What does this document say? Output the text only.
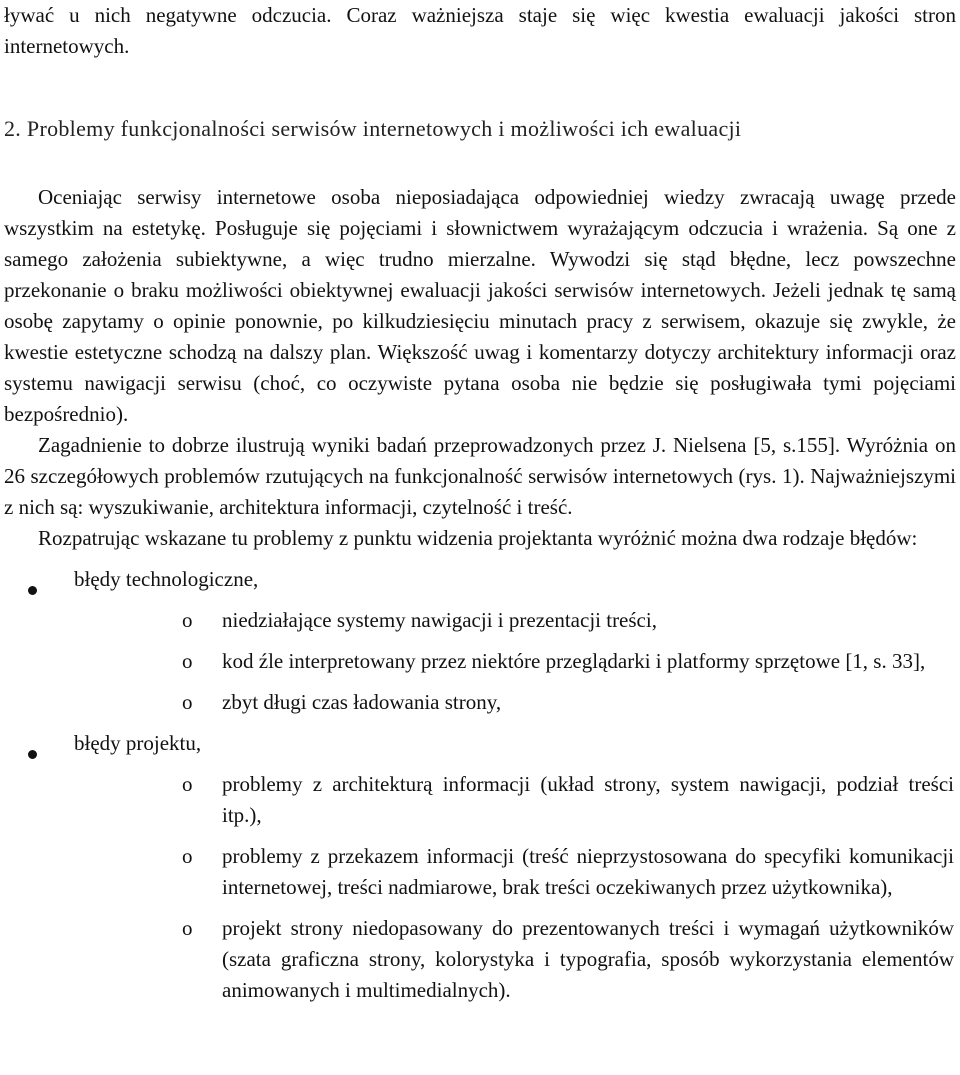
ływać u nich negatywne odczucia. Coraz ważniejsza staje się więc kwestia ewaluacji jakości stron internetowych.

2. Problemy funkcjonalności serwisów internetowych i możliwości ich ewaluacji

Oceniając serwisy internetowe osoba nieposiadająca odpowiedniej wiedzy zwracają uwagę przede wszystkim na estetykę. Posługuje się pojęciami i słownictwem wyrażającym odczucia i wrażenia. Są one z samego założenia subiektywne, a więc trudno mierzalne. Wywodzi się stąd błędne, lecz powszechne przekonanie o braku możliwości obiektywnej ewaluacji jakości serwisów internetowych. Jeżeli jednak tę samą osobę zapytamy o opinie ponownie, po kilkudziesięciu minutach pracy z serwisem, okazuje się zwykle, że kwestie estetyczne schodzą na dalszy plan. Większość uwag i komentarzy dotyczy architektury informacji oraz systemu nawigacji serwisu (choć, co oczywiste pytana osoba nie będzie się posługiwała tymi pojęciami bezpośrednio).

Zagadnienie to dobrze ilustrują wyniki badań przeprowadzonych przez J. Nielsena [5, s.155]. Wyróżnia on 26 szczegółowych problemów rzutujących na funkcjonalność serwisów internetowych (rys. 1). Najważniejszymi z nich są: wyszukiwanie, architektura informacji, czytelność i treść.

Rozpatrując wskazane tu problemy z punktu widzenia projektanta wyróżnić można dwa rodzaje błędów:

błędy technologiczne,
o niedziałające systemy nawigacji i prezentacji treści,
o kod źle interpretowany przez niektóre przeglądarki i platformy sprzętowe [1, s. 33],
o zbyt długi czas ładowania strony,
błędy projektu,
o problemy z architekturą informacji (układ strony, system nawigacji, podział treści itp.),
o problemy z przekazem informacji (treść nieprzystosowana do specyfiki komunikacji internetowej, treści nadmiarowe, brak treści oczekiwanych przez użytkownika),
o projekt strony niedopasowany do prezentowanych treści i wymagań użytkowników (szata graficzna strony, kolorystyka i typografia, sposób wykorzystania elementów animowanych i multimedialnych).
